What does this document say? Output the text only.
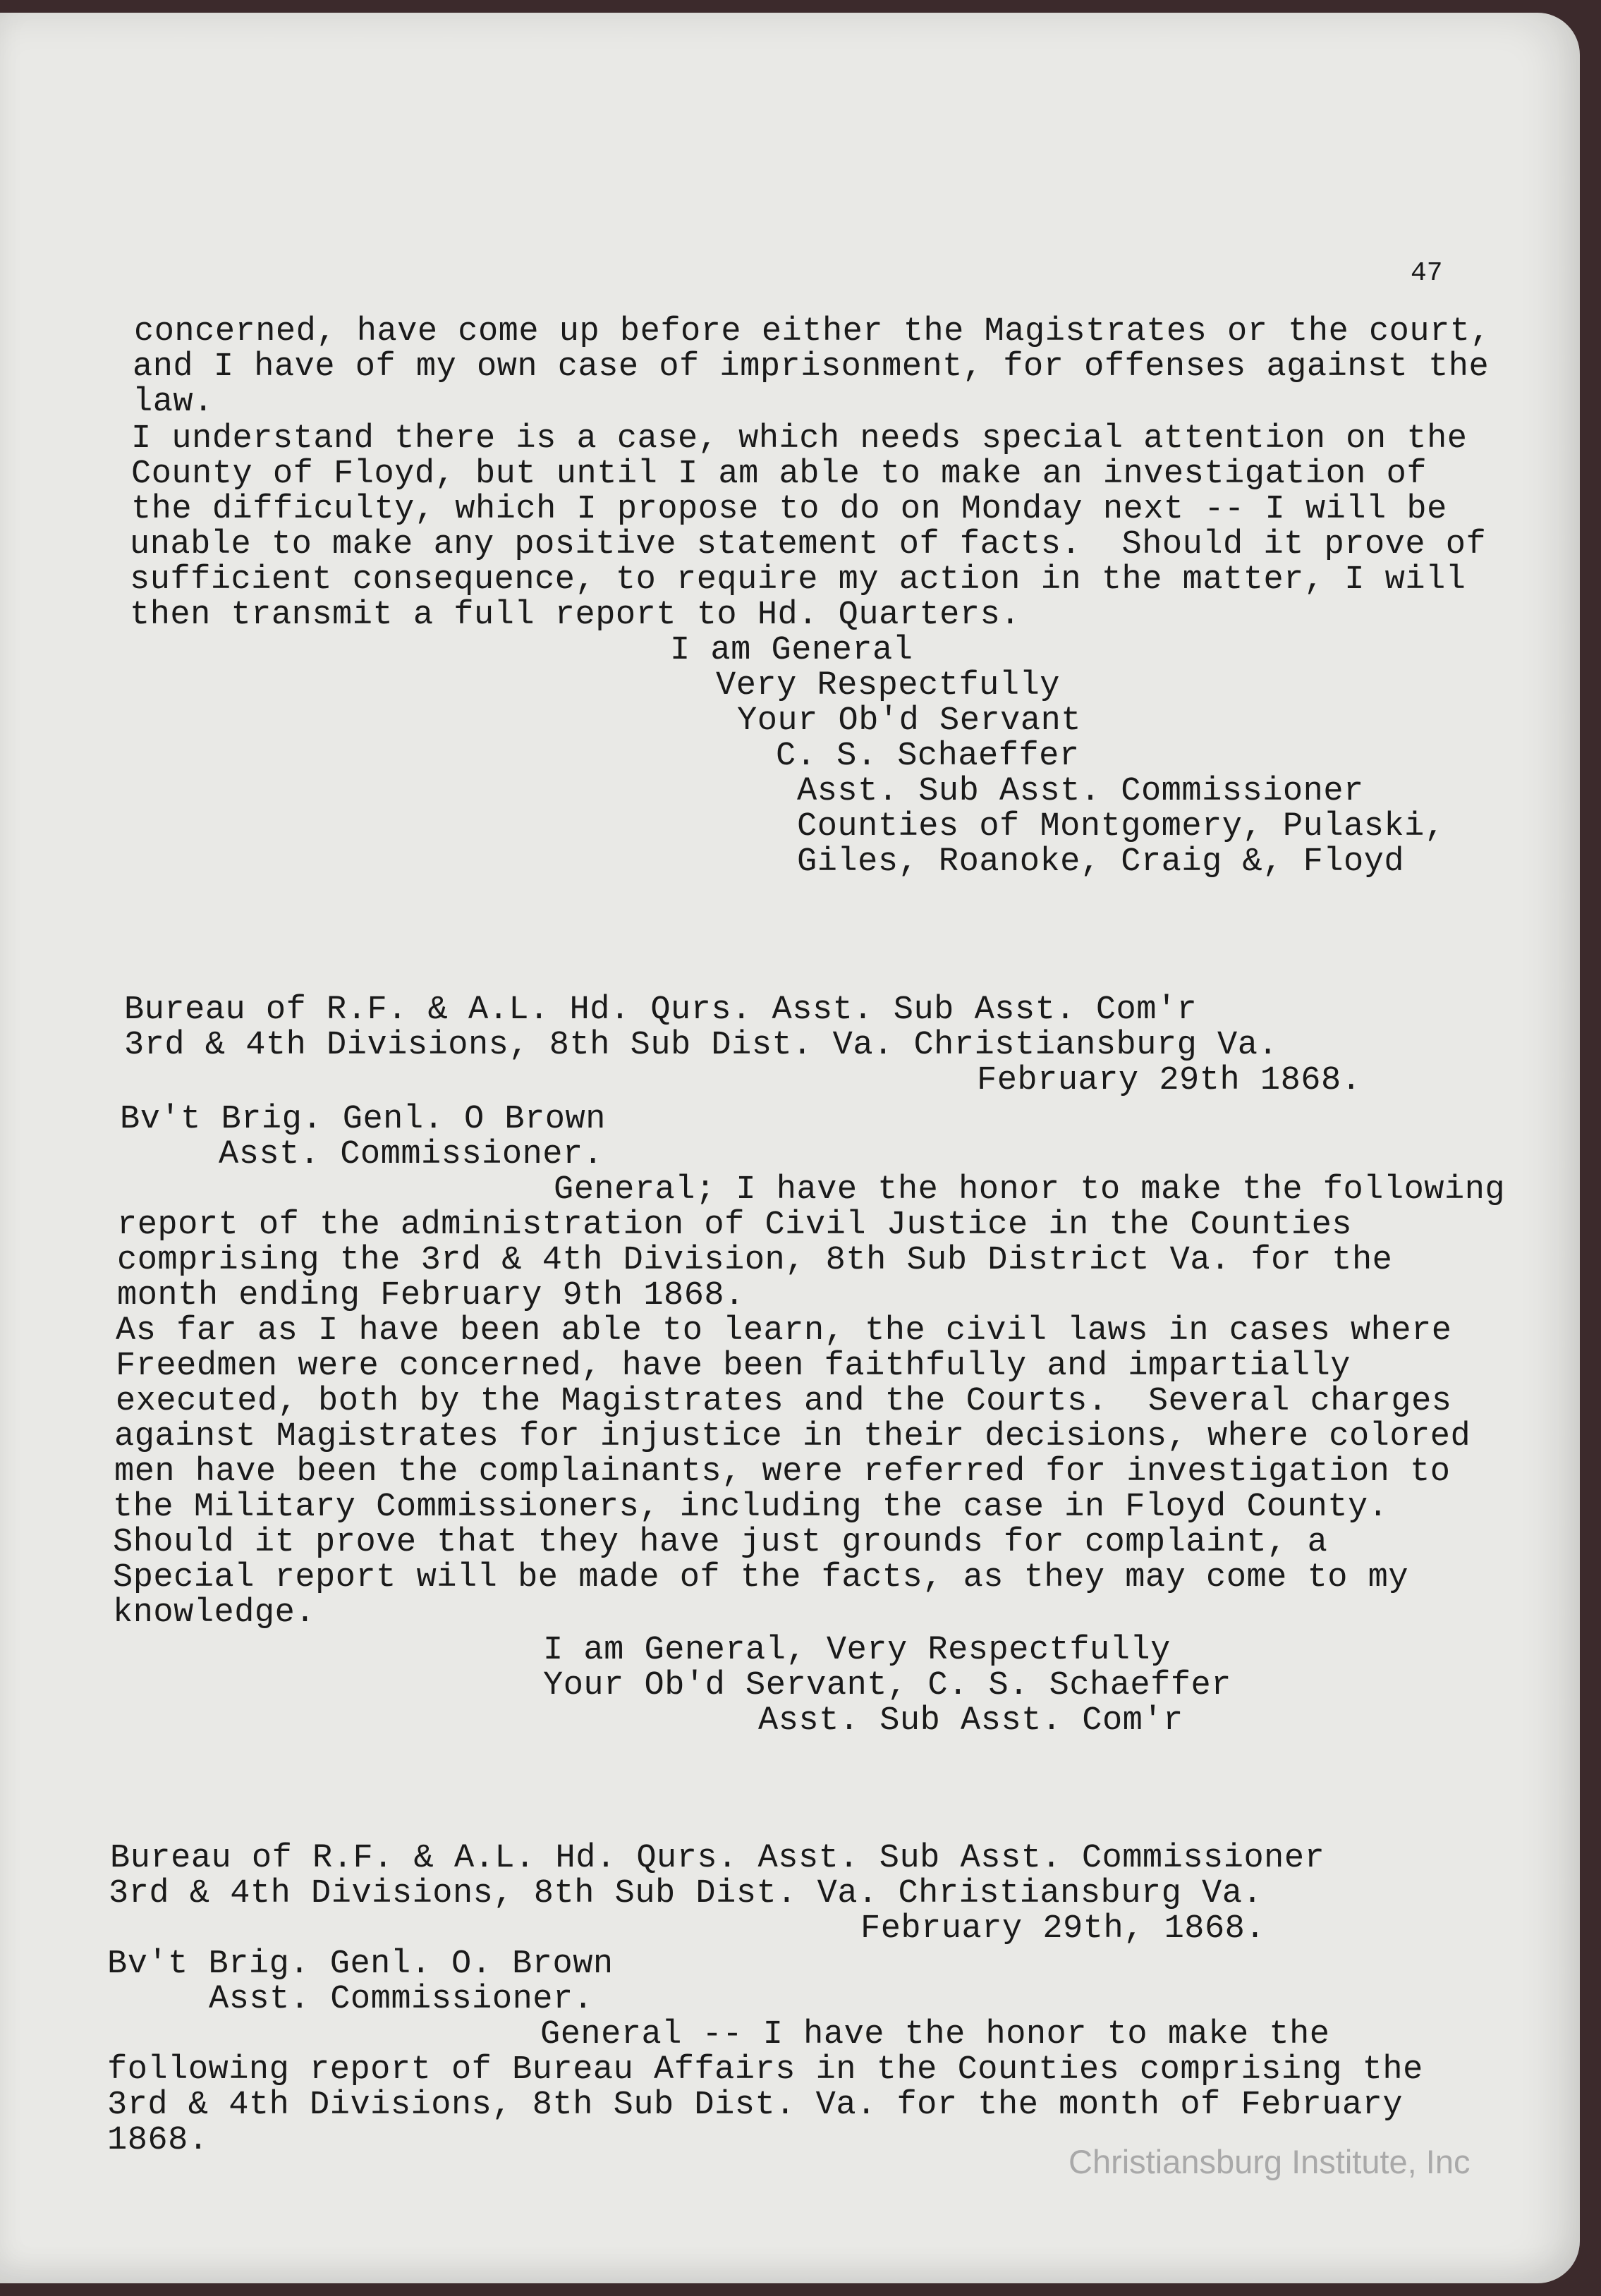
47
concerned, have come up before either the Magistrates or the court,
and I have of my own case of imprisonment, for offenses against the
law.
I understand there is a case, which needs special attention on the
County of Floyd, but until I am able to make an investigation of
the difficulty, which I propose to do on Monday next -- I will be
unable to make any positive statement of facts.  Should it prove of
sufficient consequence, to require my action in the matter, I will
then transmit a full report to Hd. Quarters.
I am General
Very Respectfully
Your Ob'd Servant
C. S. Schaeffer
Asst. Sub Asst. Commissioner
Counties of Montgomery, Pulaski,
Giles, Roanoke, Craig &, Floyd
Bureau of R.F. & A.L. Hd. Qurs. Asst. Sub Asst. Com'r
3rd & 4th Divisions, 8th Sub Dist. Va. Christiansburg Va.
February 29th 1868.
Bv't Brig. Genl. O Brown
Asst. Commissioner.
General; I have the honor to make the following
report of the administration of Civil Justice in the Counties
comprising the 3rd & 4th Division, 8th Sub District Va. for the
month ending February 9th 1868.
As far as I have been able to learn, the civil laws in cases where
Freedmen were concerned, have been faithfully and impartially
executed, both by the Magistrates and the Courts.  Several charges
against Magistrates for injustice in their decisions, where colored
men have been the complainants, were referred for investigation to
the Military Commissioners, including the case in Floyd County.
Should it prove that they have just grounds for complaint, a
Special report will be made of the facts, as they may come to my
knowledge.
I am General, Very Respectfully
Your Ob'd Servant, C. S. Schaeffer
Asst. Sub Asst. Com'r
Bureau of R.F. & A.L. Hd. Qurs. Asst. Sub Asst. Commissioner
3rd & 4th Divisions, 8th Sub Dist. Va. Christiansburg Va.
February 29th, 1868.
Bv't Brig. Genl. O. Brown
Asst. Commissioner.
General -- I have the honor to make the
following report of Bureau Affairs in the Counties comprising the
3rd & 4th Divisions, 8th Sub Dist. Va. for the month of February
1868.
Christiansburg Institute, Inc
